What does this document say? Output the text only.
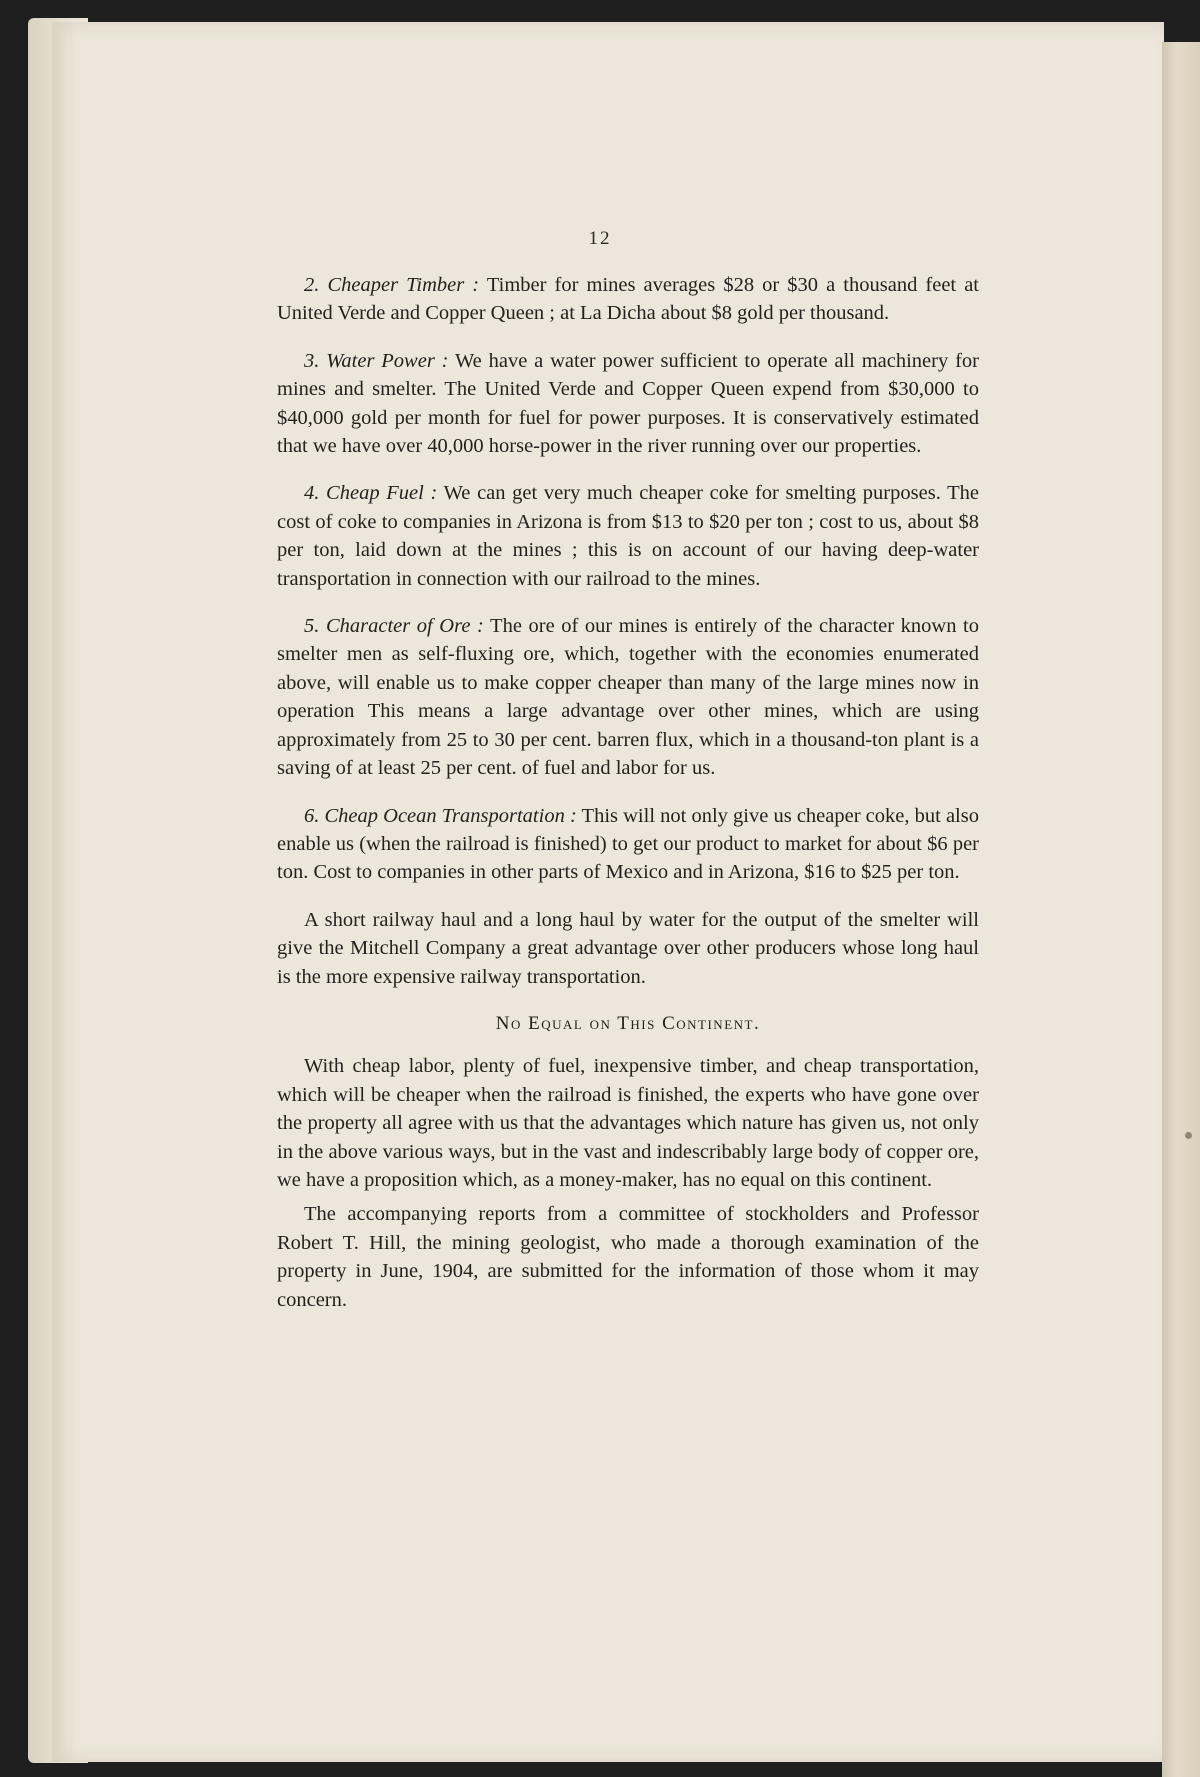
12

2. Cheaper Timber : Timber for mines averages $28 or $30 a thousand feet at United Verde and Copper Queen ; at La Dicha about $8 gold per thousand.

3. Water Power : We have a water power sufficient to operate all machinery for mines and smelter. The United Verde and Copper Queen expend from $30,000 to $40,000 gold per month for fuel for power purposes. It is conservatively estimated that we have over 40,000 horse-power in the river running over our properties.

4. Cheap Fuel : We can get very much cheaper coke for smelting purposes. The cost of coke to companies in Arizona is from $13 to $20 per ton ; cost to us, about $8 per ton, laid down at the mines ; this is on account of our having deep-water transportation in connection with our railroad to the mines.

5. Character of Ore : The ore of our mines is entirely of the character known to smelter men as self-fluxing ore, which, together with the economies enumerated above, will enable us to make copper cheaper than many of the large mines now in operation This means a large advantage over other mines, which are using approximately from 25 to 30 per cent. barren flux, which in a thousand-ton plant is a saving of at least 25 per cent. of fuel and labor for us.

6. Cheap Ocean Transportation : This will not only give us cheaper coke, but also enable us (when the railroad is finished) to get our product to market for about $6 per ton. Cost to companies in other parts of Mexico and in Arizona, $16 to $25 per ton.

A short railway haul and a long haul by water for the output of the smelter will give the Mitchell Company a great advantage over other producers whose long haul is the more expensive railway transportation.

No Equal on This Continent.

With cheap labor, plenty of fuel, inexpensive timber, and cheap transportation, which will be cheaper when the railroad is finished, the experts who have gone over the property all agree with us that the advantages which nature has given us, not only in the above various ways, but in the vast and indescribably large body of copper ore, we have a proposition which, as a money-maker, has no equal on this continent.

The accompanying reports from a committee of stockholders and Professor Robert T. Hill, the mining geologist, who made a thorough examination of the property in June, 1904, are submitted for the information of those whom it may concern.
